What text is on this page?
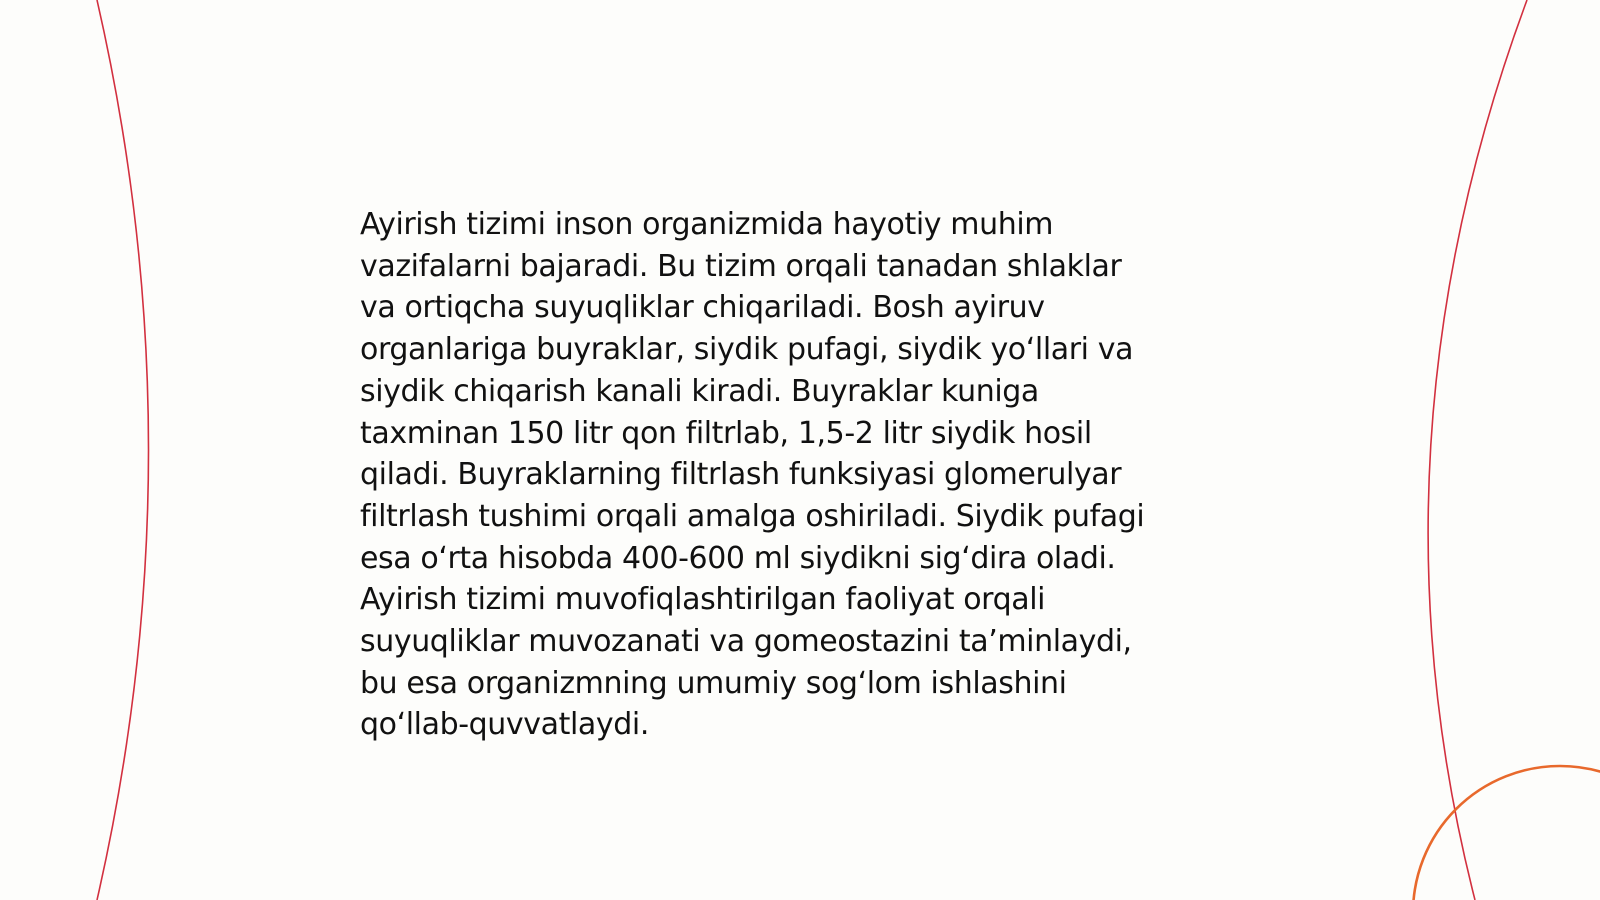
Ayirish tizimi inson organizmida hayotiy muhim
vazifalarni bajaradi. Bu tizim orqali tanadan shlaklar
va ortiqcha suyuqliklar chiqariladi. Bosh ayiruv
organlariga buyraklar, siydik pufagi, siydik yo‘llari va
siydik chiqarish kanali kiradi. Buyraklar kuniga
taxminan 150 litr qon filtrlab, 1,5-2 litr siydik hosil
qiladi. Buyraklarning filtrlash funksiyasi glomerulyar
filtrlash tushimi orqali amalga oshiriladi. Siydik pufagi
esa o‘rta hisobda 400-600 ml siydikni sig‘dira oladi.
Ayirish tizimi muvofiqlashtirilgan faoliyat orqali
suyuqliklar muvozanati va gomeostazini ta’minlaydi,
bu esa organizmning umumiy sog‘lom ishlashini
qo‘llab-quvvatlaydi.
